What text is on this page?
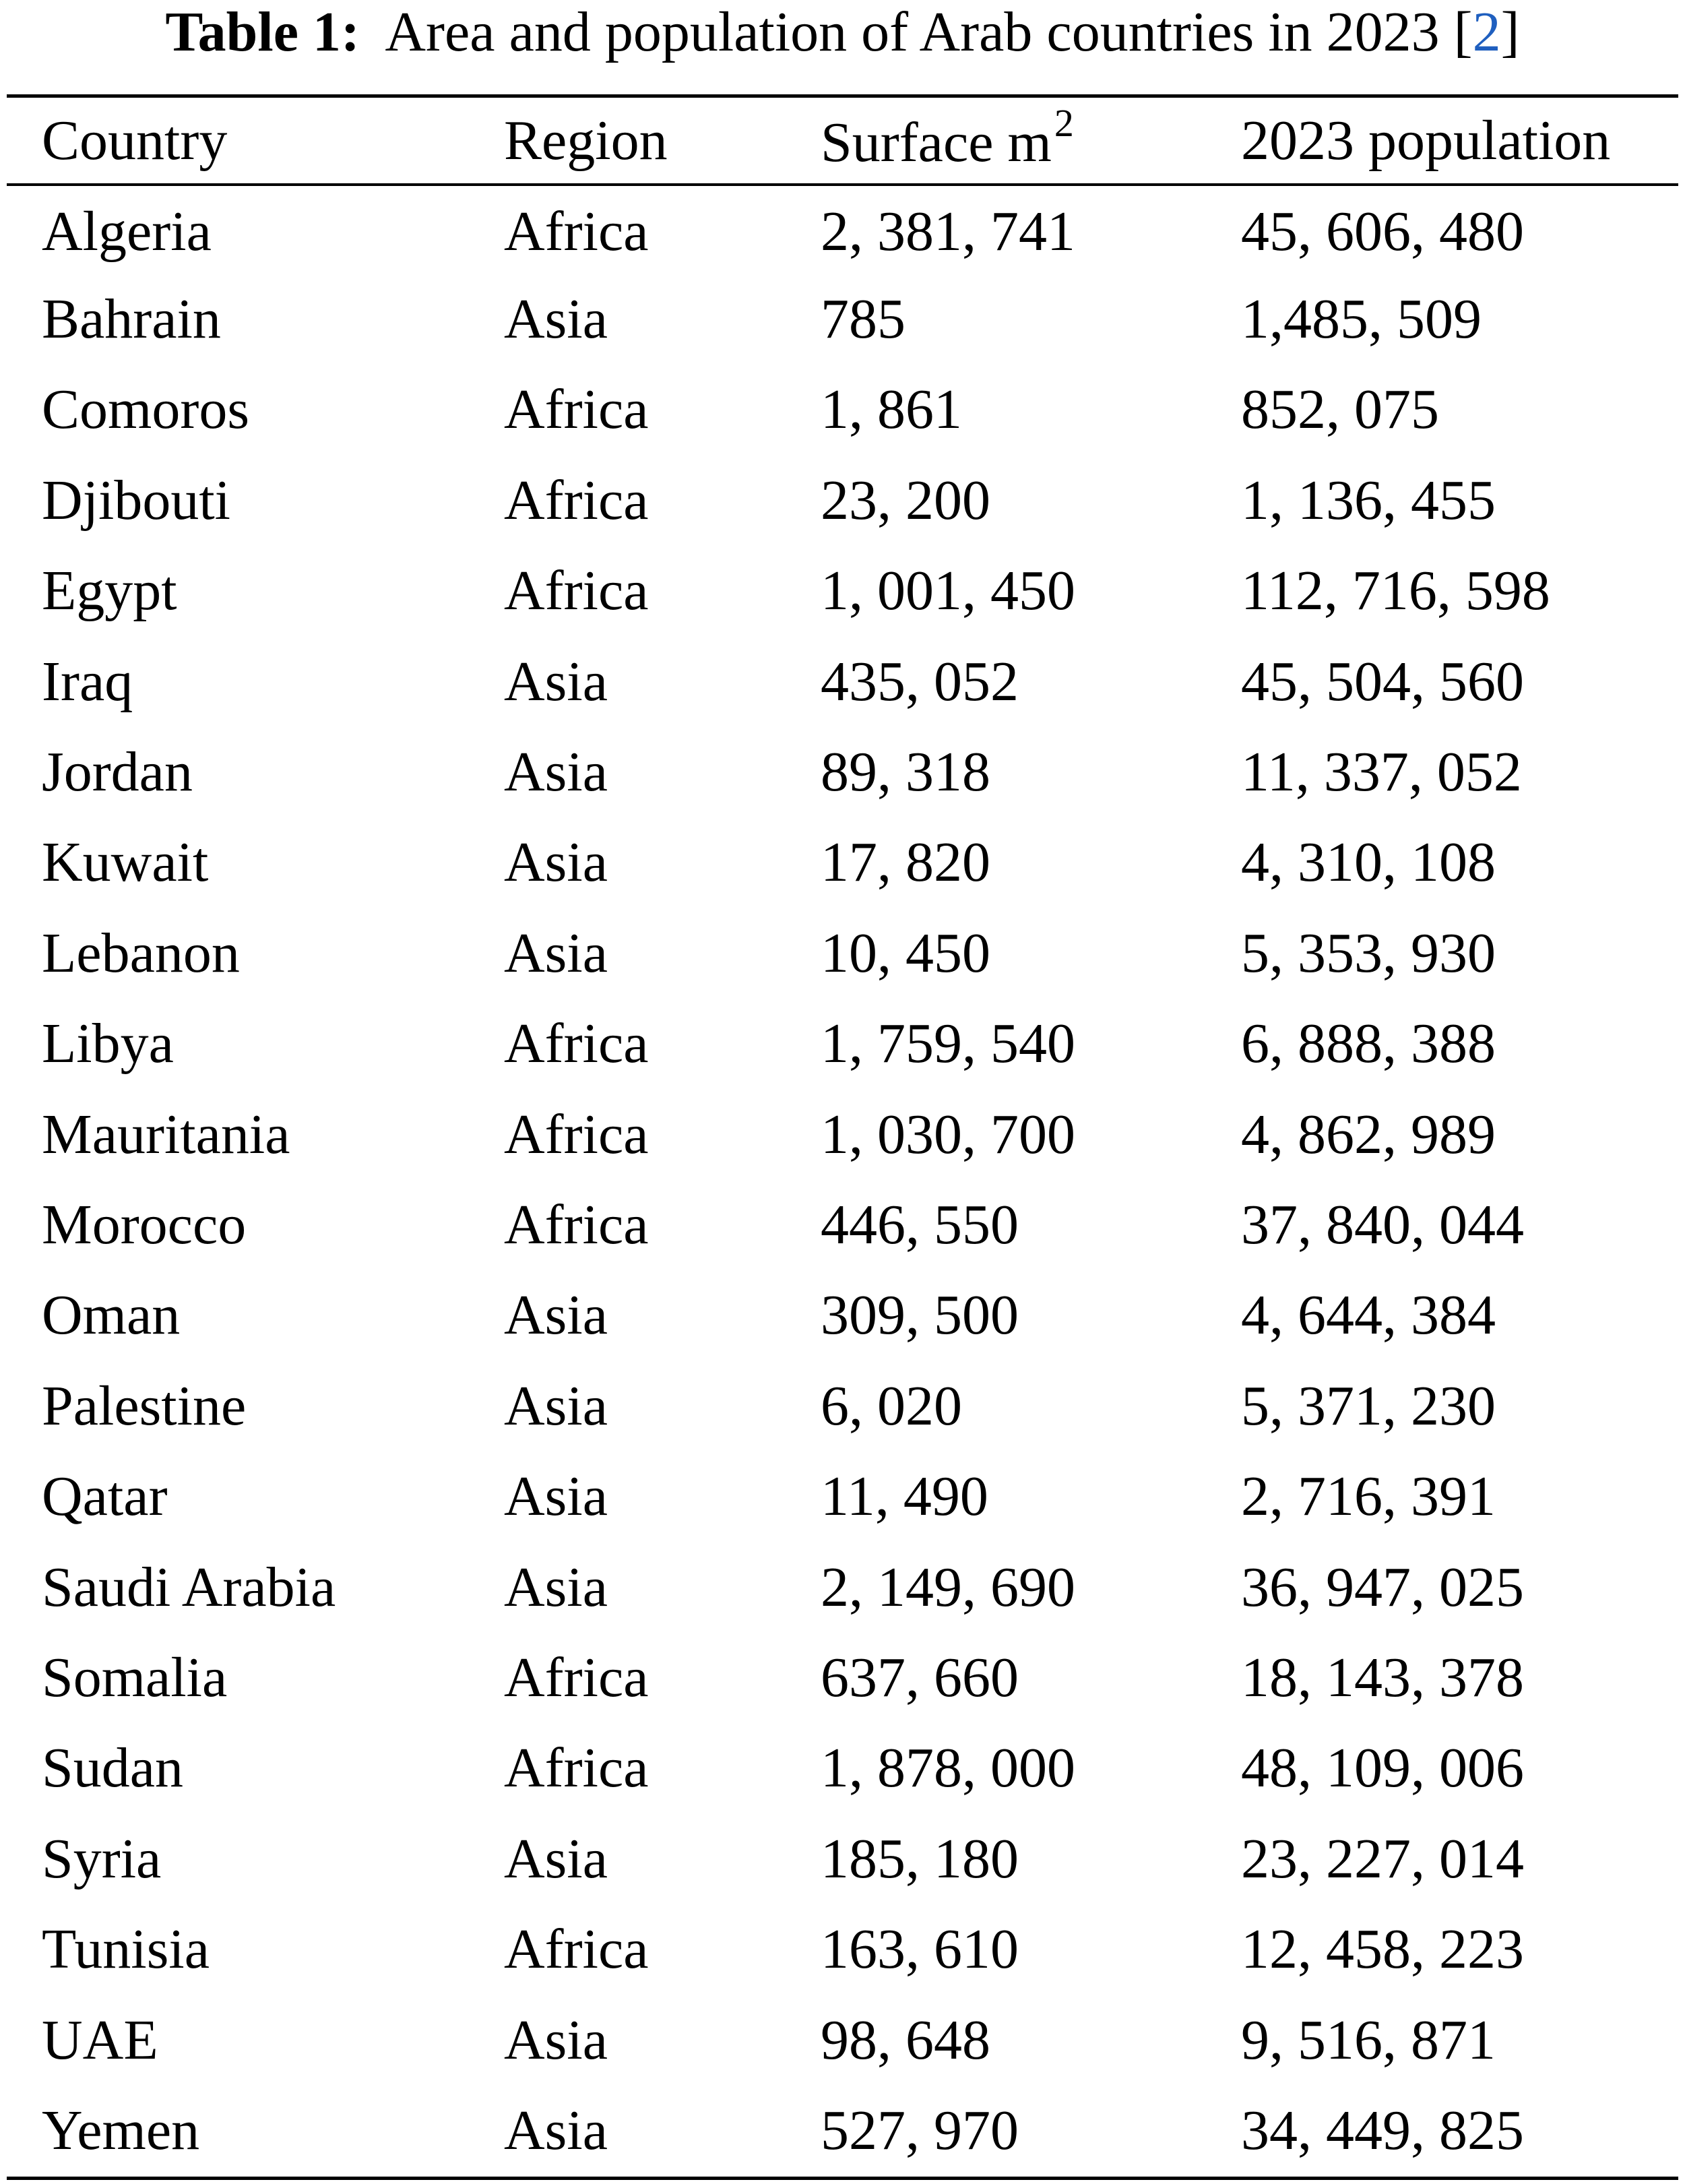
Table 1: Area and population of Arab countries in 2023 [2]
	Country	Region	Surface $m^2$	2023 population
	Algeria	Africa	2, 381, 741	45, 606, 480
	Bahrain	Asia	785	1,485, 509
	Comoros	Africa	1, 861	852, 075
	Djibouti	Africa	23, 200	1, 136, 455
	Egypt	Africa	1, 001, 450	112, 716, 598
	Iraq	Asia	435, 052	45, 504, 560
	Jordan	Asia	89, 318	11, 337, 052
	Kuwait	Asia	17, 820	4, 310, 108
	Lebanon	Asia	10, 450	5, 353, 930
	Libya	Africa	1, 759, 540	6, 888, 388
	Mauritania	Africa	1, 030, 700	4, 862, 989
	Morocco	Africa	446, 550	37, 840, 044
	Oman	Asia	309, 500	4, 644, 384
	Palestine	Asia	6, 020	5, 371, 230
	Qatar	Asia	11, 490	2, 716, 391
	Saudi Arabia	Asia	2, 149, 690	36, 947, 025
	Somalia	Africa	637, 660	18, 143, 378
	Sudan	Africa	1, 878, 000	48, 109, 006
	Syria	Asia	185, 180	23, 227, 014
	Tunisia	Africa	163, 610	12, 458, 223
	UAE	Asia	98, 648	9, 516, 871
	Yemen	Asia	527, 970	34, 449, 825
